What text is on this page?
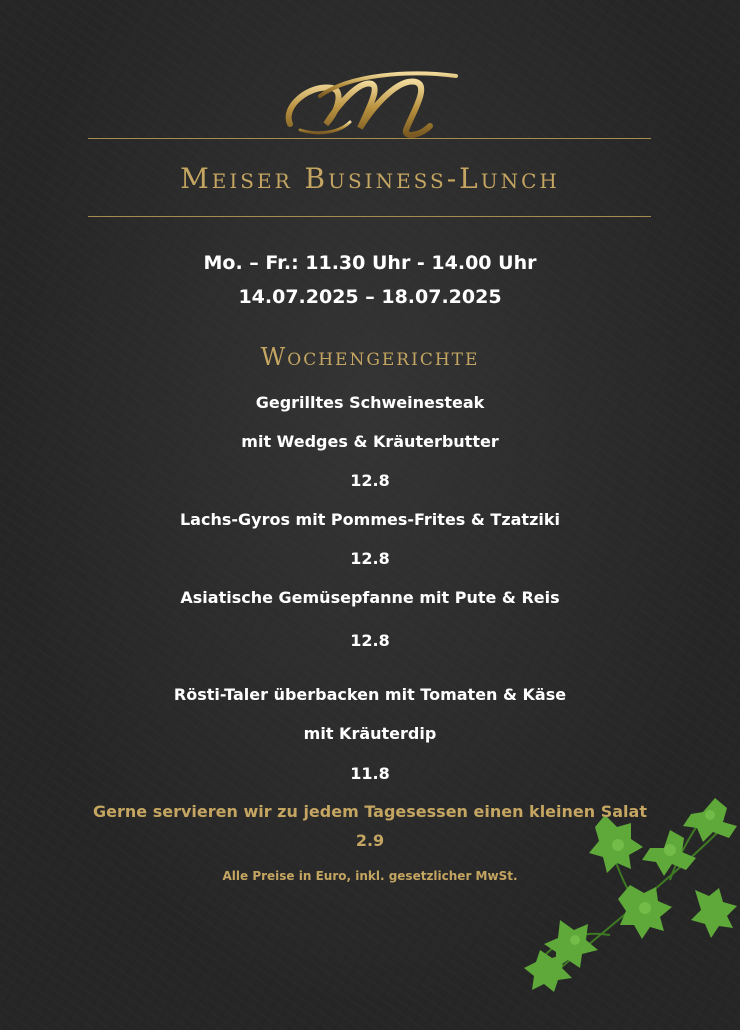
Meiser Business-Lunch
Mo. – Fr.: 11.30 Uhr - 14.00 Uhr
14.07.2025 – 18.07.2025
Wochengerichte
Gegrilltes Schweinesteak
mit Wedges & Kräuterbutter
12.8
Lachs-Gyros mit Pommes-Frites & Tzatziki
12.8
Asiatische Gemüsepfanne mit Pute & Reis
12.8
Rösti-Taler überbacken mit Tomaten & Käse
mit Kräuterdip
11.8
Gerne servieren wir zu jedem Tagesessen einen kleinen Salat
2.9
Alle Preise in Euro, inkl. gesetzlicher MwSt.
